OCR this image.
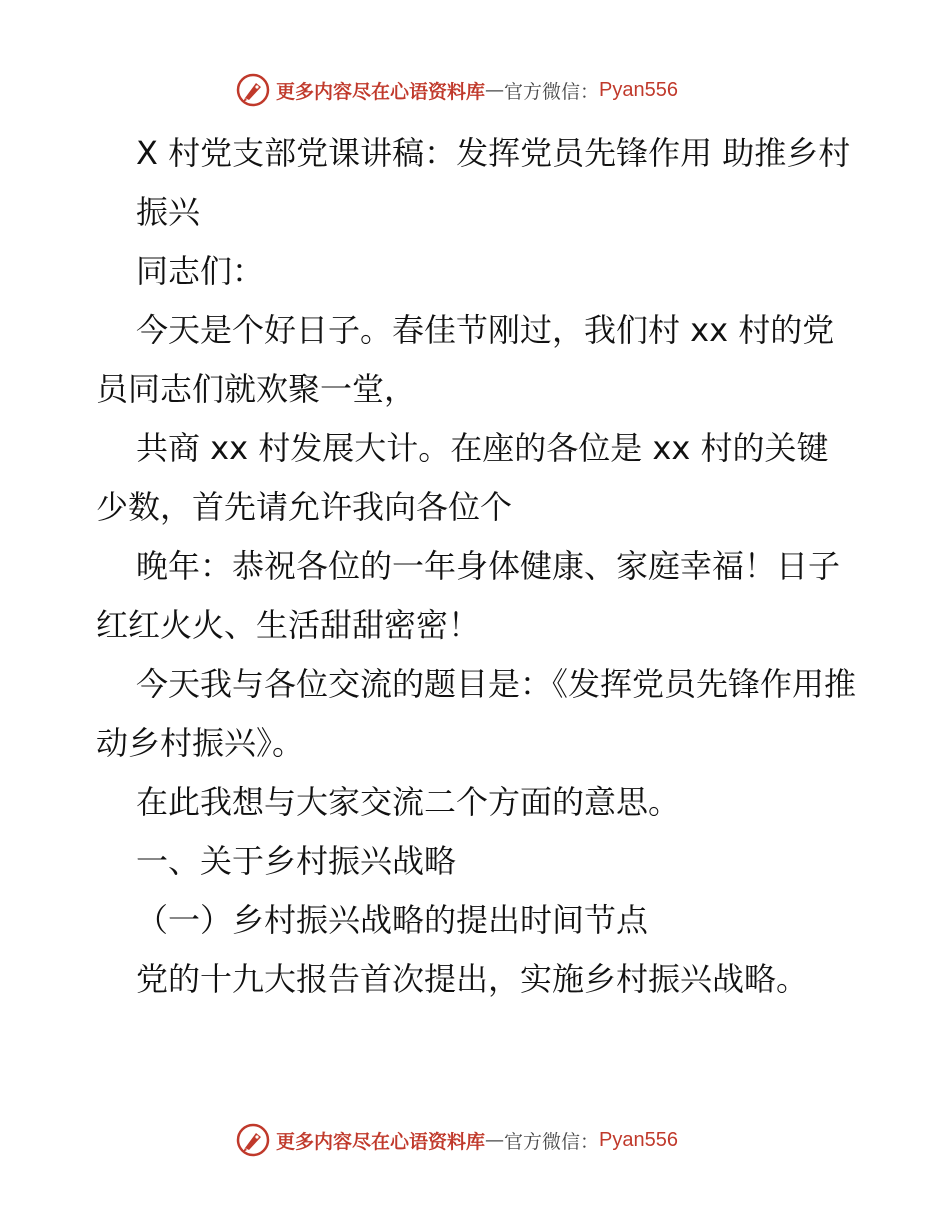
更多内容尽在心语资料库 — 官方微信： Pyan556

X 村党支部党课讲稿：发挥党员先锋作用 助推乡村

振兴

同志们：

今天是个好日子。春佳节刚过，我们村 xx 村的党员同志们就欢聚一堂，

共商 xx 村发展大计。在座的各位是 xx 村的关键少数，首先请允许我向各位个

晚年：恭祝各位的一年身体健康、家庭幸福！日子红红火火、生活甜甜密密！

今天我与各位交流的题目是：《发挥党员先锋作用推动乡村振兴》。

在此我想与大家交流二个方面的意思。

一、关于乡村振兴战略

（一）乡村振兴战略的提出时间节点

党的十九大报告首次提出，实施乡村振兴战略。

更多内容尽在心语资料库 — 官方微信： Pyan556
